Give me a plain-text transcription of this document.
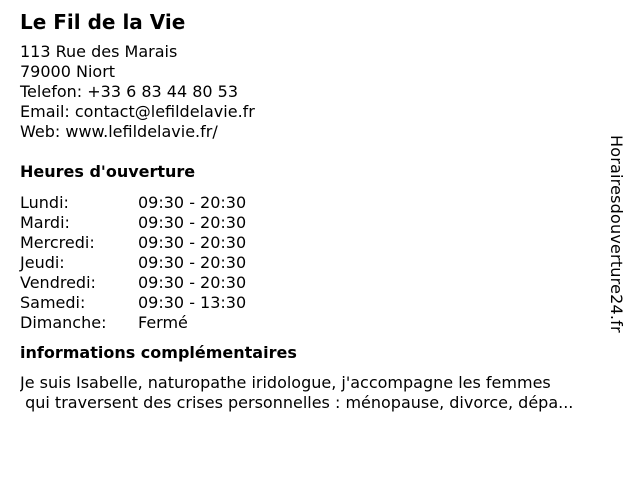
Le Fil de la Vie
113 Rue des Marais
79000 Niort
Telefon: +33 6 83 44 80 53
Email: contact@lefildelavie.fr
Web: www.lefildelavie.fr/
Heures d'ouverture
Lundi:	09:30 - 20:30
Mardi:	09:30 - 20:30
Mercredi:	09:30 - 20:30
Jeudi:	09:30 - 20:30
Vendredi:	09:30 - 20:30
Samedi:	09:30 - 13:30
Dimanche: Fermé
informations complémentaires
Je suis Isabelle, naturopathe iridologue, j'accompagne les femmes
qui traversent des crises personnelles : ménopause, divorce, dépa...
Horairesdouverture24.fr
